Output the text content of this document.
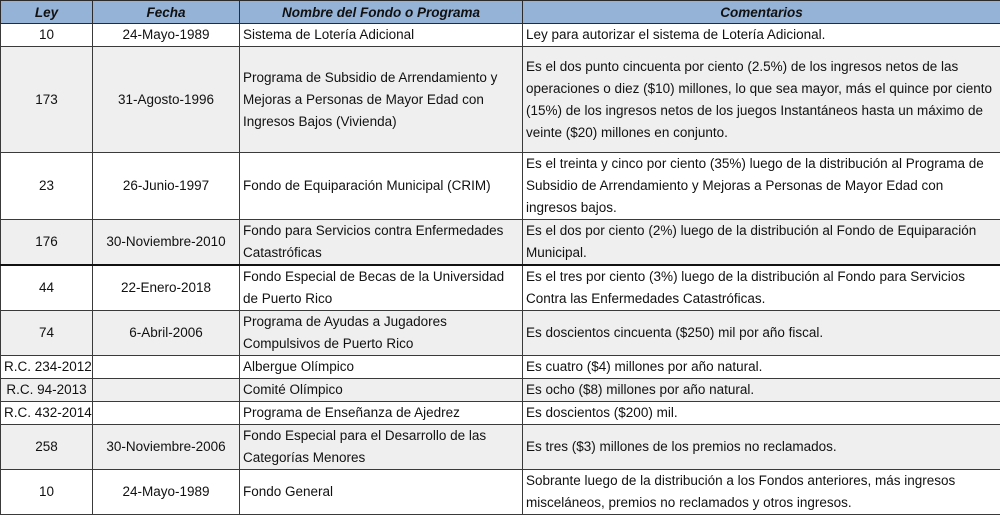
Ley	Fecha	Nombre del Fondo o Programa	Comentarios
10	24-Mayo-1989	Sistema de Lotería Adicional	Ley para autorizar el sistema de Lotería Adicional.
173	31-Agosto-1996	Programa de Subsidio de Arrendamiento y Mejoras a Personas de Mayor Edad con Ingresos Bajos (Vivienda)	Es el dos punto cincuenta por ciento (2.5%) de los ingresos netos de las operaciones o diez ($10) millones, lo que sea mayor, más el quince por ciento (15%) de los ingresos netos de los juegos Instantáneos hasta un máximo de veinte ($20) millones en conjunto.
23	26-Junio-1997	Fondo de Equiparación Municipal (CRIM)	Es el treinta y cinco por ciento (35%) luego de la distribución al Programa de Subsidio de Arrendamiento y Mejoras a Personas de Mayor Edad con ingresos bajos.
176	30-Noviembre-2010	Fondo para Servicios contra Enfermedades Catastróficas	Es el dos por ciento (2%) luego de la distribución al Fondo de Equiparación Municipal.
44	22-Enero-2018	Fondo Especial de Becas de la Universidad de Puerto Rico	Es el tres por ciento (3%) luego de la distribución al Fondo para Servicios Contra las Enfermedades Catastróficas.
74	6-Abril-2006	Programa de Ayudas a Jugadores Compulsivos de Puerto Rico	Es doscientos cincuenta ($250) mil por año fiscal.
R.C. 234-2012		Albergue Olímpico	Es cuatro ($4) millones por año natural.
R.C. 94-2013		Comité Olímpico	Es ocho ($8) millones por año natural.
R.C. 432-2014		Programa de Enseñanza de Ajedrez	Es doscientos ($200) mil.
258	30-Noviembre-2006	Fondo Especial para el Desarrollo de las Categorías Menores	Es tres ($3) millones de los premios no reclamados.
10	24-Mayo-1989	Fondo General	Sobrante luego de la distribución a los Fondos anteriores, más ingresos misceláneos, premios no reclamados y otros ingresos.
